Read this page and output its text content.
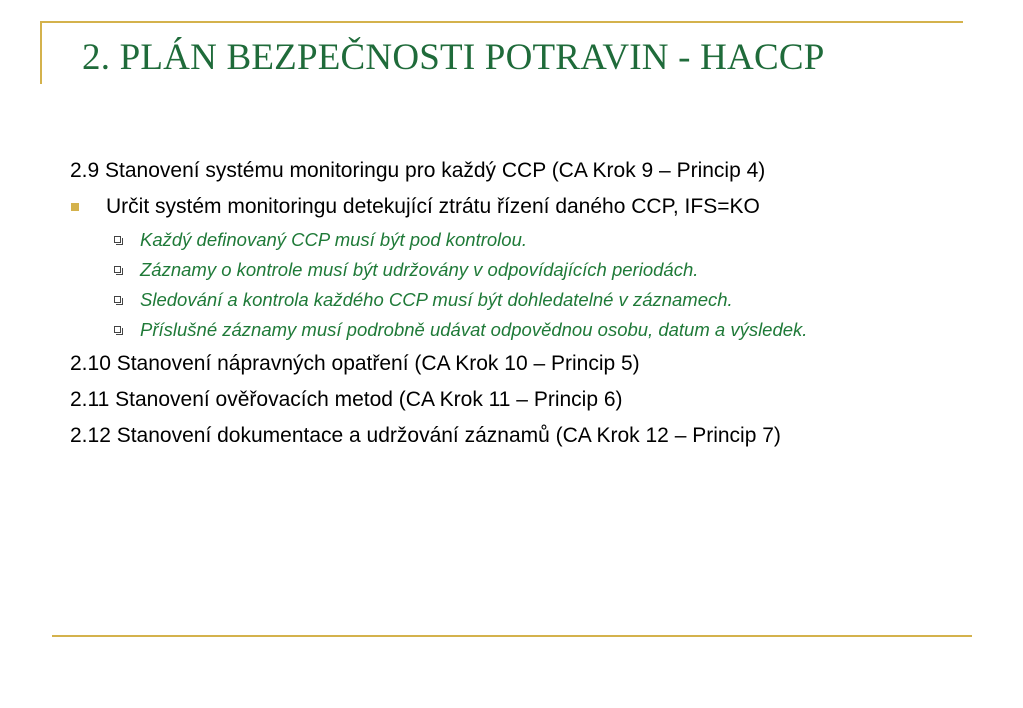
2. PLÁN BEZPEČNOSTI POTRAVIN - HACCP
2.9 Stanovení systému monitoringu pro každý CCP (CA Krok 9 – Princip 4)
Určit systém monitoringu detekující ztrátu řízení daného CCP, IFS=KO
Každý definovaný CCP musí být pod kontrolou.
Záznamy o kontrole musí být udržovány v odpovídajících periodách.
Sledování a kontrola každého CCP musí být dohledatelné v záznamech.
Příslušné záznamy musí podrobně udávat odpovědnou osobu, datum a výsledek.
2.10 Stanovení nápravných opatření (CA Krok 10 – Princip 5)
2.11 Stanovení ověřovacích metod (CA Krok 11 – Princip 6)
2.12 Stanovení dokumentace a udržování záznamů (CA Krok 12 – Princip 7)
